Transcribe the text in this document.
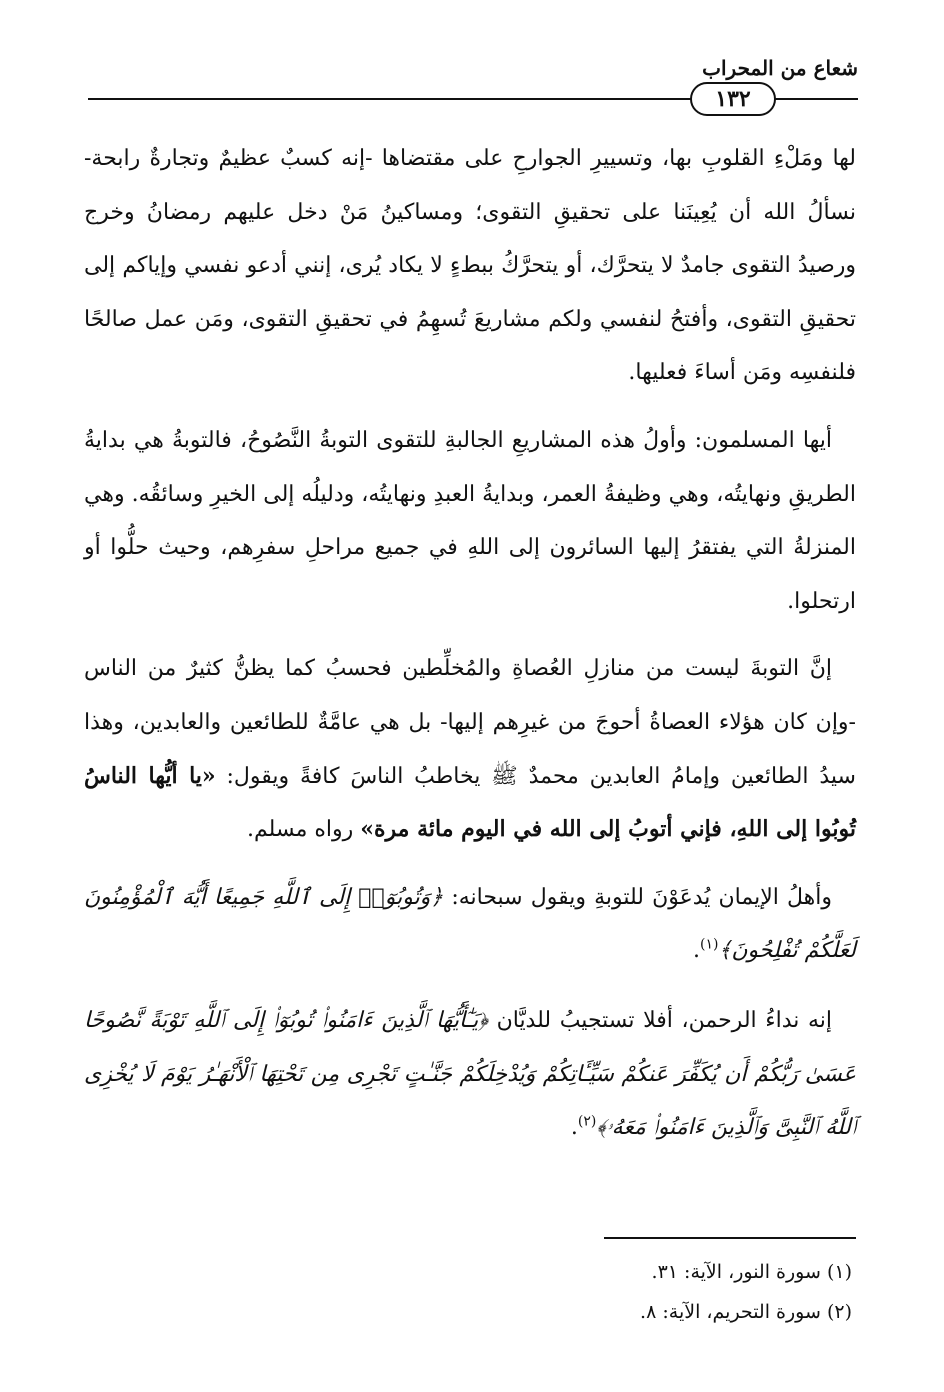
شعاع من المحراب
١٣٢

لها ومَلْءِ القلوبِ بها، وتسييرِ الجوارحِ على مقتضاها -إنه كسبٌ عظيمٌ وتجارةٌ رابحة- نسألُ الله أن يُعِينَنا على تحقيقِ التقوى؛ ومساكينُ مَنْ دخل عليهم رمضانُ وخرج ورصيدُ التقوى جامدٌ لا يتحرَّك، أو يتحرَّكُ ببطءٍ لا يكاد يُرى، إنني أدعو نفسي وإياكم إلى تحقيقِ التقوى، وأفتحُ لنفسي ولكم مشاريعَ تُسهِمُ في تحقيقِ التقوى، ومَن عمل صالحًا فلنفسِه ومَن أساءَ فعليها.

أيها المسلمون: وأولُ هذه المشاريعِ الجالبةِ للتقوى التوبةُ النَّصُوحُ، فالتوبةُ هي بدايةُ الطريقِ ونهايتُه، وهي وظيفةُ العمر، وبدايةُ العبدِ ونهايتُه، ودليلُه إلى الخيرِ وسائقُه. وهي المنزلةُ التي يفتقرُ إليها السائرون إلى اللهِ في جميع مراحلِ سفرِهم، وحيث حلُّوا أو ارتحلوا.

إنَّ التوبةَ ليست من منازلِ العُصاةِ والمُخلِّطين فحسبُ كما يظنُّ كثيرٌ من الناس -وإن كان هؤلاء العصاةُ أحوجَ من غيرِهم إليها- بل هي عامَّةٌ للطائعين والعابدين، وهذا سيدُ الطائعين وإمامُ العابدين محمدٌ ﷺ يخاطبُ الناسَ كافةً ويقول: «يا أيُّها الناسُ تُوبُوا إلى اللهِ، فإني أتوبُ إلى الله في اليوم مائة مرة» رواه مسلم.

وأهلُ الإيمان يُدعَوْنَ للتوبةِ ويقول سبحانه: ﴿وَتُوبُوٓا۟ إِلَى ٱللَّهِ جَمِيعًا أَيُّهَ ٱلْمُؤْمِنُونَ لَعَلَّكُمْ تُفْلِحُونَ﴾$^{(١)}$.

إنه نداءُ الرحمن، أفلا تستجيبُ للديَّان ﴿يَـٰٓأَيُّهَا ٱلَّذِينَ ءَامَنُوا۟ تُوبُوٓا۟ إِلَى ٱللَّهِ تَوْبَةً نَّصُوحًا عَسَىٰ رَبُّكُمْ أَن يُكَفِّرَ عَنكُمْ سَيِّـَٔاتِكُمْ وَيُدْخِلَكُمْ جَنَّـٰتٍ تَجْرِى مِن تَحْتِهَا ٱلْأَنْهَـٰرُ يَوْمَ لَا يُخْزِى ٱللَّهُ ٱلنَّبِىَّ وَٱلَّذِينَ ءَامَنُوا۟ مَعَهُۥ﴾$^{(٢)}$.

(١) سورة النور، الآية: ٣١.
(٢) سورة التحريم، الآية: ٨.
